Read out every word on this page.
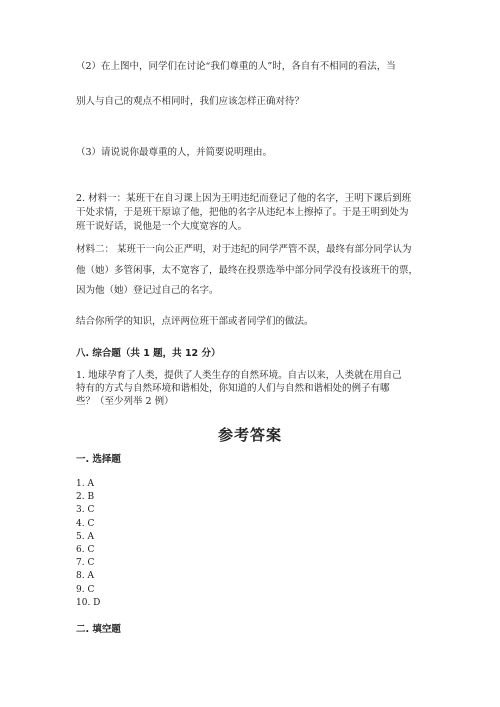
（2）在上图中，同学们在讨论“我们尊重的人”时，各自有不相同的看法，当
别人与自己的观点不相同时，我们应该怎样正确对待？
（3）请说说你最尊重的人，并简要说明理由。
2. 材料一：某班干在自习课上因为王明违纪而登记了他的名字，王明下课后到班
干处求情，于是班干原谅了他，把他的名字从违纪本上擦掉了。于是王明到处为
班干说好话，说他是一个大度宽容的人。
材料二： 某班干一向公正严明，对于违纪的同学严管不误，最终有部分同学认为
他（她）多管闲事，太不宽容了，最终在投票选举中部分同学没有投该班干的票，
因为他（她）登记过自己的名字。
结合你所学的知识，点评两位班干部或者同学们的做法。
八. 综合题（共 1 题，共 12 分）
1. 地球孕育了人类，提供了人类生存的自然环境。自古以来，人类就在用自己
特有的方式与自然环境和谐相处，你知道的人们与自然和谐相处的例子有哪
些？（至少列举 2 例）
参考答案
一. 选择题
1. A
2. B
3. C
4. C
5. A
6. C
7. C
8. A
9. C
10. D
二. 填空题
